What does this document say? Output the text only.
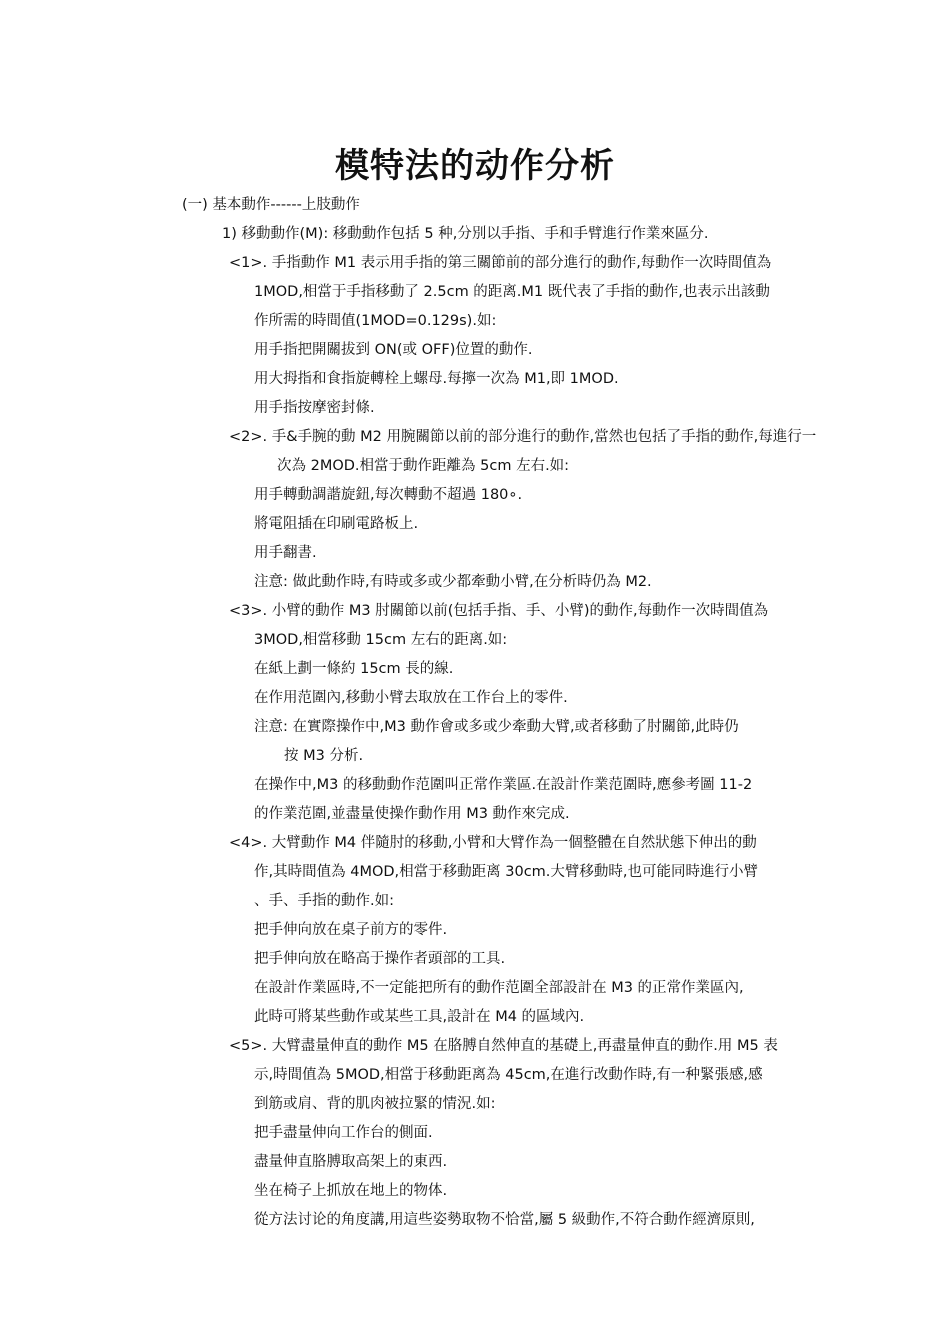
模特法的动作分析
(一) 基本動作------上肢動作
1) 移動動作(M): 移動動作包括 5 种,分別以手指、手和手臂進行作業來區分.
<1>. 手指動作 M1 表示用手指的第三關節前的部分進行的動作,每動作一次時間值為
1MOD,相當于手指移動了 2.5cm 的距离.M1 既代表了手指的動作,也表示出該動
作所需的時間值(1MOD=0.129s).如:
用手指把開關拔到 ON(或 OFF)位置的動作.
用大拇指和食指旋轉栓上螺母.每擰一次為 M1,即 1MOD.
用手指按摩密封條.
<2>. 手&手腕的動 M2 用腕關節以前的部分進行的動作,當然也包括了手指的動作,每進行一
次為 2MOD.相當于動作距離為 5cm 左右.如:
用手轉動調諧旋鈕,每次轉動不超過 180∘.
將電阻插在印刷電路板上.
用手翻書.
注意: 做此動作時,有時或多或少都牽動小臂,在分析時仍為 M2.
<3>. 小臂的動作 M3 肘關節以前(包括手指、手、小臂)的動作,每動作一次時間值為
3MOD,相當移動 15cm 左右的距离.如:
在紙上劃一條約 15cm 長的線.
在作用范圍內,移動小臂去取放在工作台上的零件.
注意: 在實際操作中,M3 動作會或多或少牽動大臂,或者移動了肘關節,此時仍
按 M3 分析.
在操作中,M3 的移動動作范圍叫正常作業區.在設計作業范圍時,應參考圖 11-2
的作業范圍,並盡量使操作動作用 M3 動作來完成.
<4>. 大臂動作 M4 伴隨肘的移動,小臂和大臂作為一個整體在自然狀態下伸出的動
作,其時間值為 4MOD,相當于移動距离 30cm.大臂移動時,也可能同時進行小臂
、手、手指的動作.如:
把手伸向放在桌子前方的零件.
把手伸向放在略高于操作者頭部的工具.
在設計作業區時,不一定能把所有的動作范圍全部設計在 M3 的正常作業區內,
此時可將某些動作或某些工具,設計在 M4 的區域內.
<5>. 大臂盡量伸直的動作 M5 在胳膊自然伸直的基礎上,再盡量伸直的動作.用 M5 表
示,時間值為 5MOD,相當于移動距离為 45cm,在進行改動作時,有一种緊張感,感
到筋或肩、背的肌肉被拉緊的情況.如:
把手盡量伸向工作台的側面.
盡量伸直胳膊取高架上的東西.
坐在椅子上抓放在地上的物体.
從方法讨论的角度講,用這些姿勢取物不恰當,屬 5 級動作,不符合動作經濟原則,
